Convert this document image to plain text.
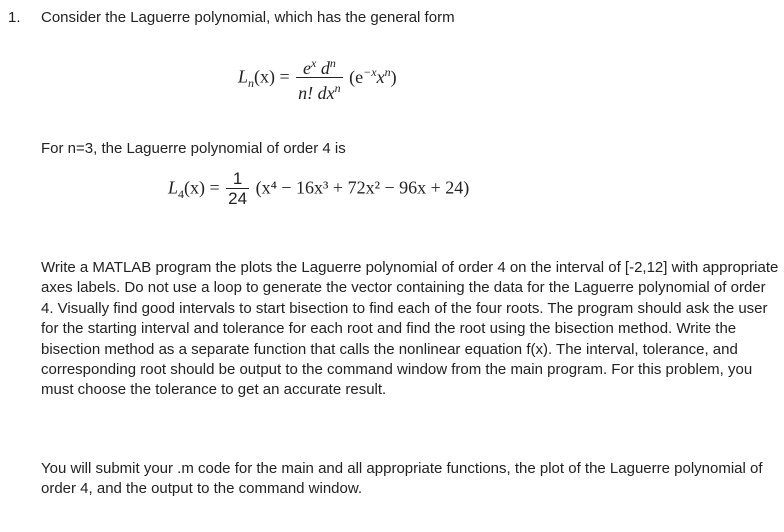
1. Consider the Laguerre polynomial, which has the general form
$L_n(x) = \frac{e^x d^n}{n! dx^n} (e^{-x}x^n)$
For n=3, the Laguerre polynomial of order 4 is
$L_4(x) = \frac{1}{24} (x^4 - 16x^3 + 72x^2 - 96x + 24)$
Write a MATLAB program the plots the Laguerre polynomial of order 4 on the interval of [-2,12] with appropriate axes labels. Do not use a loop to generate the vector containing the data for the Laguerre polynomial of order 4. Visually find good intervals to start bisection to find each of the four roots. The program should ask the user for the starting interval and tolerance for each root and find the root using the bisection method. Write the bisection method as a separate function that calls the nonlinear equation f(x). The interval, tolerance, and corresponding root should be output to the command window from the main program. For this problem, you must choose the tolerance to get an accurate result.
You will submit your .m code for the main and all appropriate functions, the plot of the Laguerre polynomial of order 4, and the output to the command window.
